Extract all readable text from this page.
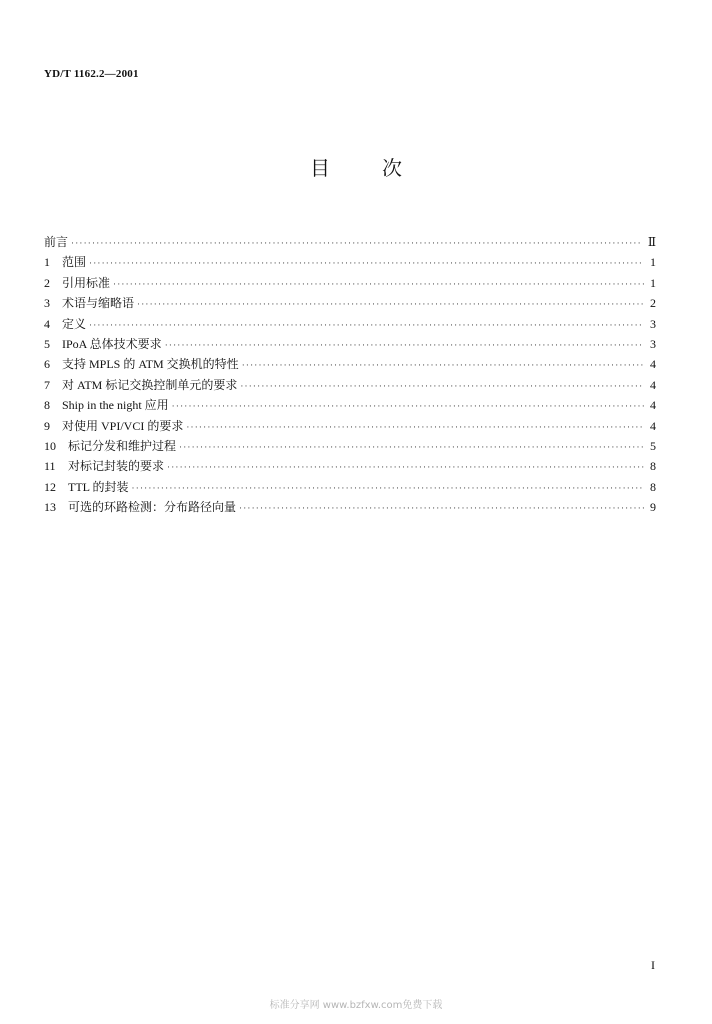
YD/T 1162.2—2001
目	次
前言 ·····	Ⅱ
1	范围 ·····	1
2	引用标准 ·····	1
3	术语与缩略语 ·····	2
4	定义 ·····	3
5	IPoA 总体技术要求 ·····	3
6	支持 MPLS 的 ATM 交换机的特性 ·····	4
7	对 ATM 标记交换控制单元的要求 ·····	4
8	Ship in the night 应用 ·····	4
9	对使用 VPI/VCI 的要求 ·····	4
10	标记分发和维护过程 ·····	5
11	对标记封装的要求 ·····	8
12	TTL 的封装 ·····	8
13	可选的环路检测：分布路径向量 ·····	9
I
标准分享网 www.bzfxw.com免费下载
